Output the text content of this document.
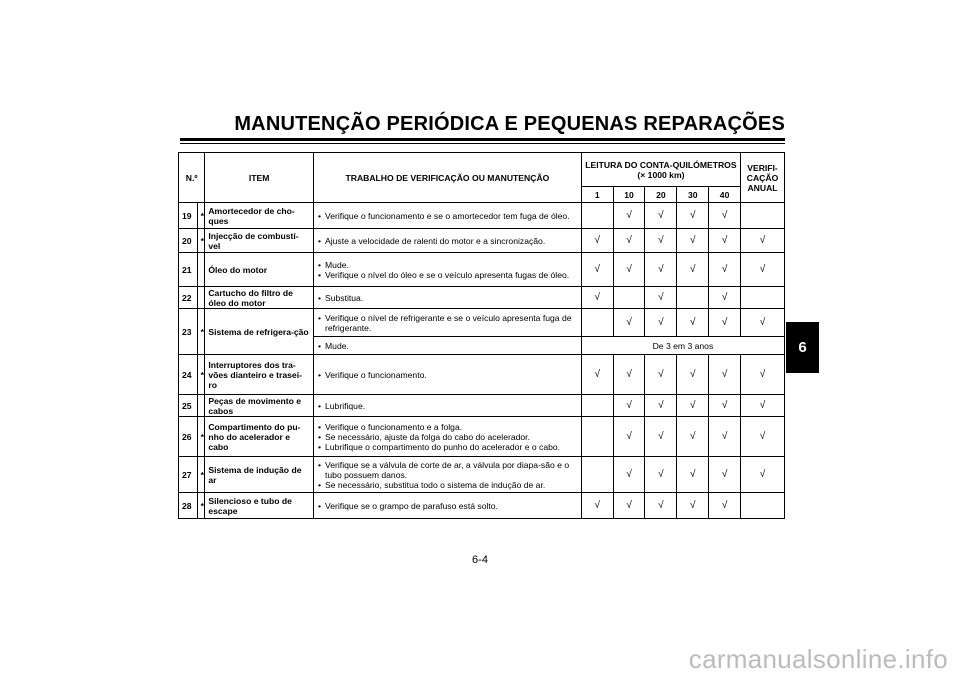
MANUTENÇÃO PERIÓDICA E PEQUENAS REPARAÇÕES
6
N.º		ITEM	TRABALHO DE VERIFICAÇÃO OU MANUTENÇÃO	LEITURA DO CONTA-QUILÓMETROS
(× 1000 km)					VERIFI-CAÇÃO ANUAL
				1	10	20	30	40	
19	*	Amortecedor de cho-ques	• Verifique o funcionamento e se o amortecedor tem fuga de óleo.		√	√	√	√	
20	*	Injecção de combustí-vel	• Ajuste a velocidade de ralenti do motor e a sincronização.	√	√	√	√	√	√
21		Óleo do motor	• Mude.
• Verifique o nível do óleo e se o veículo apresenta fugas de óleo.	√	√	√	√	√	√
22		Cartucho do filtro de óleo do motor	• Substitua.	√		√		√	
23	*	Sistema de refrigera-ção	• Verifique o nível de refrigerante e se o veículo apresenta fuga de refrigerante.		√	√	√	√	√

			• Mude.	De 3 em 3 anos					
24	*	Interruptores dos tra-vões dianteiro e trasei-ro	• Verifique o funcionamento.	√	√	√	√	√	√
25		Peças de movimento e cabos	• Lubrifique.		√	√	√	√	√
26	*	Compartimento do pu-nho do acelerador e cabo	• Verifique o funcionamento e a folga.
• Se necessário, ajuste da folga do cabo do acelerador.
• Lubrifique o compartimento do punho do acelerador e o cabo.		√	√	√	√	√
27	*	Sistema de indução de ar	• Verifique se a válvula de corte de ar, a válvula por diapa-são e o tubo possuem danos.
• Se necessário, substitua todo o sistema de indução de ar.		√	√	√	√	√
28	*	Silencioso e tubo de escape	• Verifique se o grampo de parafuso está solto.	√	√	√	√	√	
6-4
carmanualsonline.info
